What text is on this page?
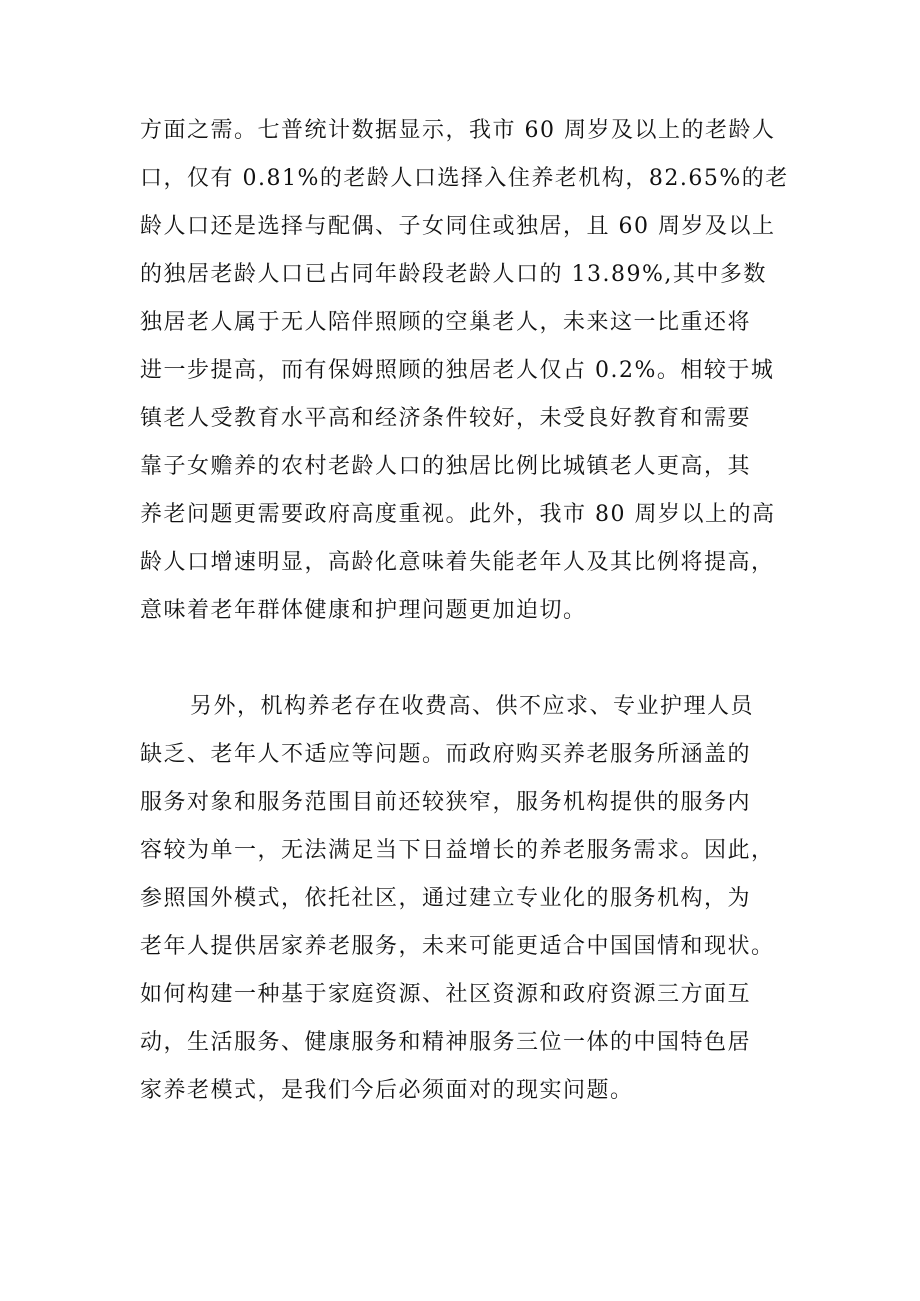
方面之需。七普统计数据显示，我市 60 周岁及以上的老龄人
口，仅有 0.81%的老龄人口选择入住养老机构，82.65%的老
龄人口还是选择与配偶、子女同住或独居，且 60 周岁及以上
的独居老龄人口已占同年龄段老龄人口的 13.89%,其中多数
独居老人属于无人陪伴照顾的空巢老人，未来这一比重还将
进一步提高，而有保姆照顾的独居老人仅占 0.2%。相较于城
镇老人受教育水平高和经济条件较好，未受良好教育和需要
靠子女赡养的农村老龄人口的独居比例比城镇老人更高，其
养老问题更需要政府高度重视。此外，我市 80 周岁以上的高
龄人口增速明显，高龄化意味着失能老年人及其比例将提高，
意味着老年群体健康和护理问题更加迫切。
另外，机构养老存在收费高、供不应求、专业护理人员
缺乏、老年人不适应等问题。而政府购买养老服务所涵盖的
服务对象和服务范围目前还较狭窄，服务机构提供的服务内
容较为单一，无法满足当下日益增长的养老服务需求。因此，
参照国外模式，依托社区，通过建立专业化的服务机构，为
老年人提供居家养老服务，未来可能更适合中国国情和现状。
如何构建一种基于家庭资源、社区资源和政府资源三方面互
动，生活服务、健康服务和精神服务三位一体的中国特色居
家养老模式，是我们今后必须面对的现实问题。
